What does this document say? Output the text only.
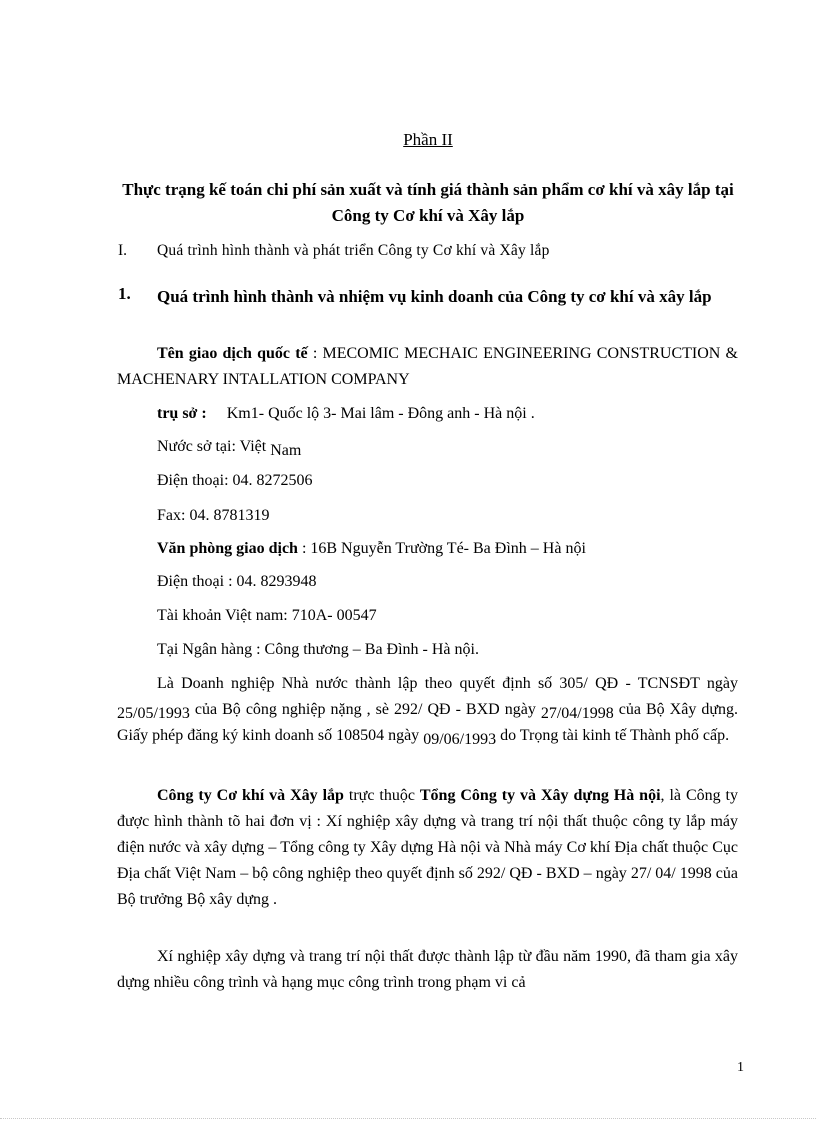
Phần II
Thực trạng kế toán chi phí sản xuất và tính giá thành sản phẩm cơ khí và xây lắp tại Công ty Cơ khí và Xây lắp
I. Quá trình hình thành và phát triển Công ty Cơ khí và Xây lắp
1. Quá trình hình thành và nhiệm vụ kinh doanh của Công ty cơ khí và xây lắp
Tên giao dịch quốc tế : MECOMIC MECHAIC ENGINEERING CONSTRUCTION & MACHENARY INTALLATION COMPANY
trụ sở : Km1- Quốc lộ 3- Mai lâm - Đông anh - Hà nội .
Nước sở tại: Việt Nam
Điện thoại: 04. 8272506
Fax: 04. 8781319
Văn phòng giao dịch : 16B Nguyễn Trường Té- Ba Đình – Hà nội
Điện thoại : 04. 8293948
Tài khoản Việt nam: 710A- 00547
Tại Ngân hàng : Công thương – Ba Đình - Hà nội.
Là Doanh nghiệp Nhà nước thành lập theo quyết định số 305/ QĐ - TCNSĐT ngày 25/05/1993 của Bộ công nghiệp nặng , sè 292/ QĐ - BXD ngày 27/04/1998 của Bộ Xây dựng. Giấy phép đăng ký kinh doanh số 108504 ngày 09/06/1993 do Trọng tài kinh tế Thành phố cấp.
Công ty Cơ khí và Xây lắp trực thuộc Tổng Công ty và Xây dựng Hà nội, là Công ty được hình thành tõ hai đơn vị : Xí nghiệp xây dựng và trang trí nội thất thuộc công ty lắp máy điện nước và xây dựng – Tổng công ty Xây dựng Hà nội và Nhà máy Cơ khí Địa chất thuộc Cục Địa chất Việt Nam – bộ công nghiệp theo quyết định số 292/ QĐ - BXD – ngày 27/ 04/ 1998 của Bộ trưởng Bộ xây dựng .
Xí nghiệp xây dựng và trang trí nội thất được thành lập từ đầu năm 1990, đã tham gia xây dựng nhiều công trình và hạng mục công trình trong phạm vi cả
1
